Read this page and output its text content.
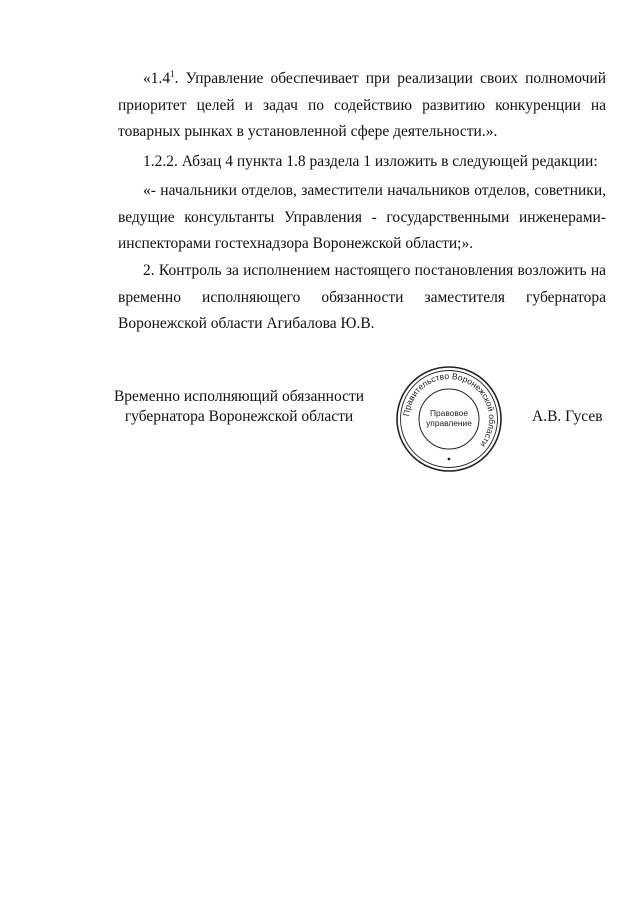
«$1.4^1$. Управление обеспечивает при реализации своих полномочий приоритет целей и задач по содействию развитию конкуренции на товарных рынках в установленной сфере деятельности.».

1.2.2. Абзац 4 пункта 1.8 раздела 1 изложить в следующей редакции:

«- начальники отделов, заместители начальников отделов, советники, ведущие консультанты Управления - государственными инженерами-инспекторами гостехнадзора Воронежской области;».

2. Контроль за исполнением настоящего постановления возложить на временно исполняющего обязанности заместителя губернатора Воронежской области Агибалова Ю.В.

Временно исполняющий обязанности
губернатора Воронежской области	Правительство Воронежской области
Правовое
управление	А.В. Гусев
